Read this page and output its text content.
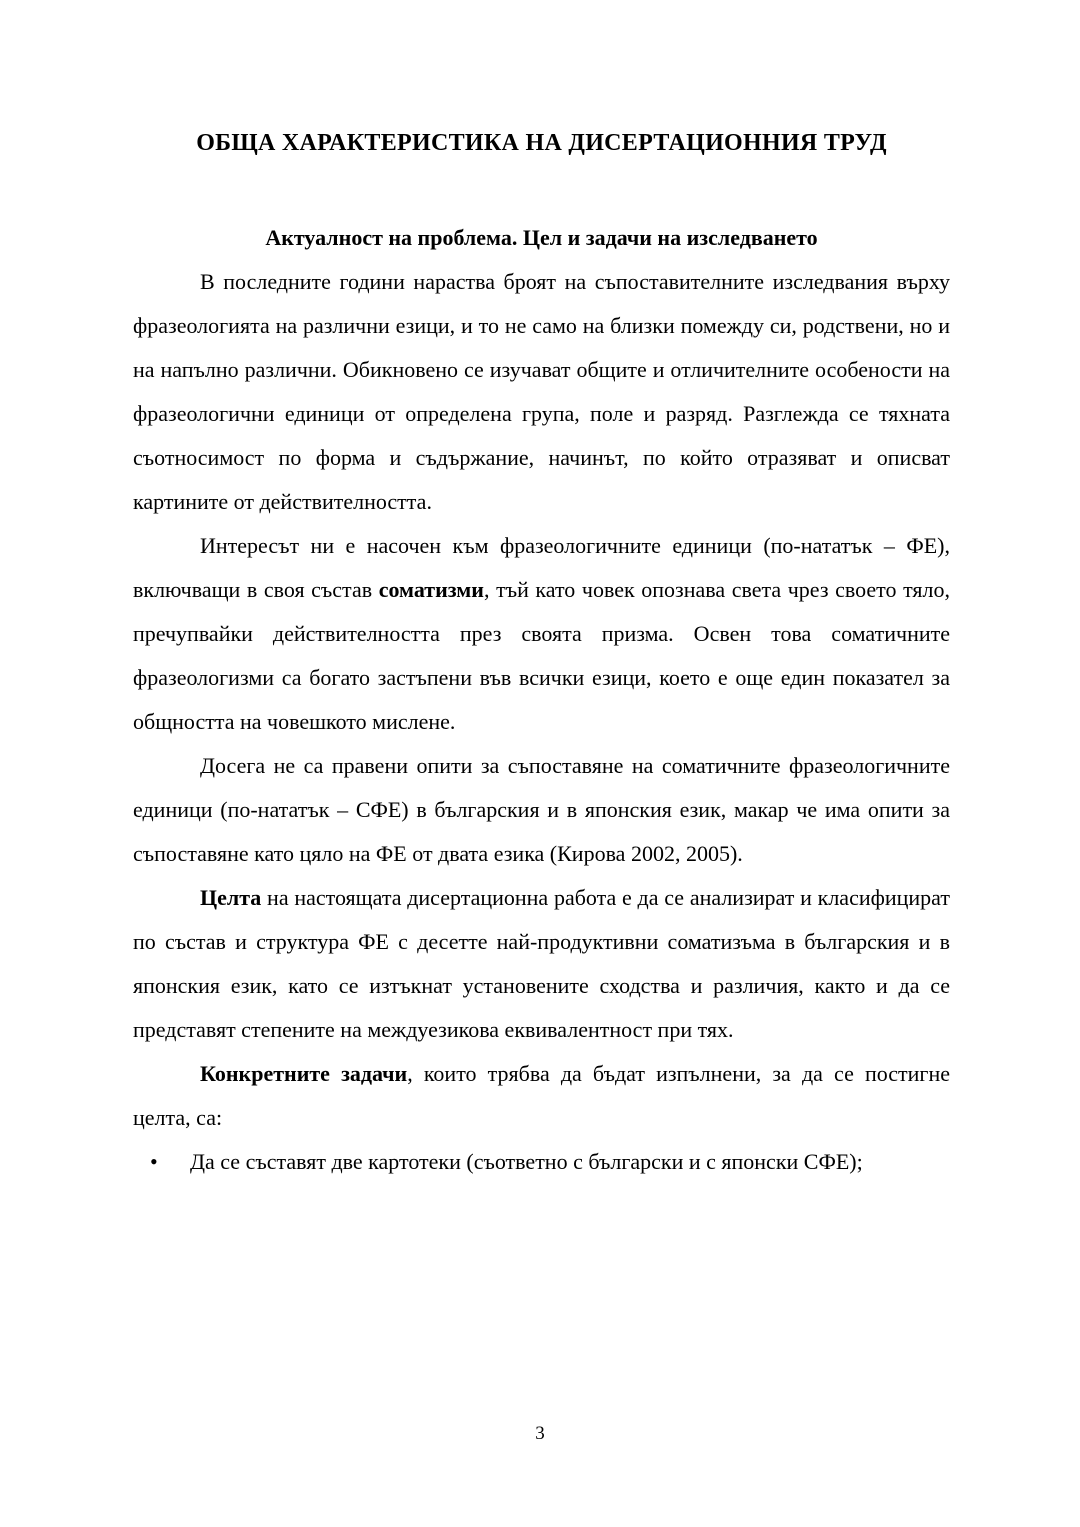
ОБЩА ХАРАКТЕРИСТИКА НА ДИСЕРТАЦИОННИЯ ТРУД
Актуалност на проблема. Цел и задачи на изследването

В последните години нараства броят на съпоставителните изследвания върху фразеологията на различни езици, и то не само на близки помежду си, родствени, но и на напълно различни. Обикновено се изучават общите и отличителните особености на фразеологични единици от определена група, поле и разряд. Разглежда се тяхната съотносимост по форма и съдържание, начинът, по който отразяват и описват картините от действителността.

Интересът ни е насочен към фразеологичните единици (по-нататък – ФЕ), включващи в своя състав соматизми, тъй като човек опознава света чрез своето тяло, пречупвайки действителността през своята призма. Освен това соматичните фразеологизми са богато застъпени във всички езици, което е още един показател за общността на човешкото мислене.

Досега не са правени опити за съпоставяне на соматичните фразеологичните единици (по-нататък – СФЕ) в българския и в японския език, макар че има опити за съпоставяне като цяло на ФЕ от двата езика (Кирова 2002, 2005).

Целта на настоящата дисертационна работа е да се анализират и класифицират по състав и структура ФЕ с десетте най-продуктивни соматизъма в българския и в японския език, като се изтъкнат установените сходства и различия, както и да се представят степените на междуезикова еквивалентност при тях.

Конкретните задачи, които трябва да бъдат изпълнени, за да се постигне целта, са:

• Да се съставят две картотеки (съответно с български и с японски СФЕ);
3
